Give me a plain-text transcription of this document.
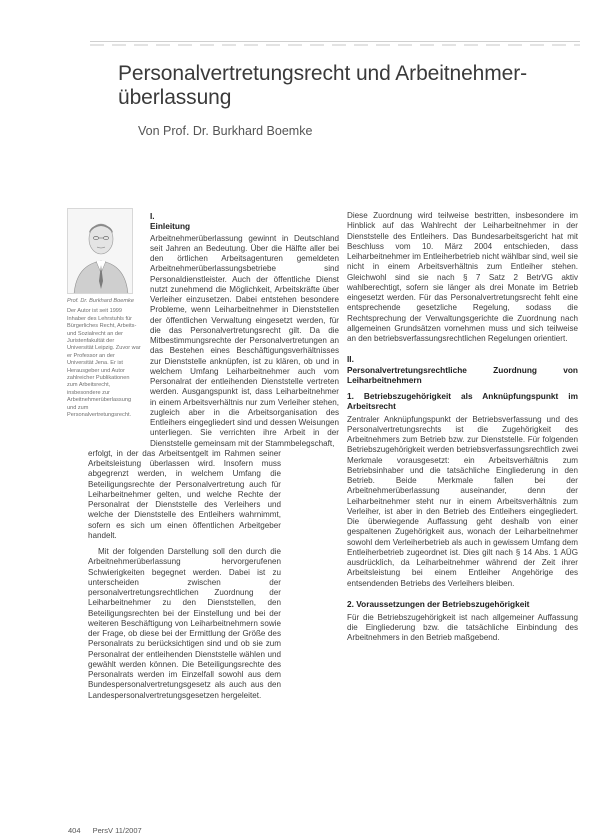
Personalvertretungsrecht und Arbeitnehmer-überlassung
Von Prof. Dr. Burkhard Boemke
Prof. Dr. Burkhard Boemke
Der Autor ist seit 1999 Inhaber des Lehrstuhls für Bürgerliches Recht, Arbeits- und Sozialrecht an der Juristenfakultät der Universität Leipzig. Zuvor war er Professor an der Universität Jena. Er ist Herausgeber und Autor zahlreicher Publikationen zum Arbeitsrecht, insbesondere zur Arbeitnehmerüberlassung und zum Personalvertretungsrecht.
I.
Einleitung

Arbeitnehmerüberlassung gewinnt in Deutschland seit Jahren an Bedeutung. Über die Hälfte aller bei den örtlichen Arbeitsagenturen gemeldeten Arbeitnehmerüberlassungsbetriebe sind Personaldienstleister. Auch der öffentliche Dienst nutzt zunehmend die Möglichkeit, Arbeitskräfte über Verleiher einzusetzen. Dabei entstehen besondere Probleme, wenn Leiharbeitnehmer in Dienststellen der öffentlichen Verwaltung eingesetzt werden, für die das Personalvertretungsrecht gilt. Da die Mitbestimmungsrechte der Personalvertretungen an das Bestehen eines Beschäftigungsverhältnisses zur Dienststelle anknüpfen, ist zu klären, ob und in welchem Umfang Leiharbeitnehmer auch vom Personalrat der entleihenden Dienststelle vertreten werden. Ausgangspunkt ist, dass Leiharbeitnehmer in einem Arbeitsverhältnis nur zum Verleiher stehen, zugleich aber in die Arbeitsorganisation des Entleihers eingegliedert sind und dessen Weisungen unterliegen. Sie verrichten ihre Arbeit in der Dienststelle gemeinsam mit der Stammbelegschaft,

erfolgt, in der das Arbeitsentgelt im Rahmen seiner Arbeitsleistung überlassen wird. Insofern muss abgegrenzt werden, in welchem Umfang die Beteiligungsrechte der Personalvertretung auch für Leiharbeitnehmer gelten, und welche Rechte der Personalrat der Dienststelle des Verleihers und welche der Dienststelle des Entleihers wahrnimmt, sofern es sich um einen öffentlichen Arbeitgeber handelt.

Mit der folgenden Darstellung soll den durch die Arbeitnehmerüberlassung hervorgerufenen Schwierigkeiten begegnet werden. Dabei ist zu unterscheiden zwischen der personalvertretungsrechtlichen Zuordnung der Leiharbeitnehmer zu den Dienststellen, den Beteiligungsrechten bei der Einstellung und bei der weiteren Beschäftigung von Leiharbeitnehmern sowie der Frage, ob diese bei der Ermittlung der Größe des Personalrats zu berücksichtigen sind und ob sie zum Personalrat der entleihenden Dienststelle wählen und gewählt werden können. Die Beteiligungsrechte des Personalrats werden im Einzelfall sowohl aus dem Bundespersonalvertretungsgesetz als auch aus den Landespersonalvertretungsgesetzen hergeleitet.

Diese Zuordnung wird teilweise bestritten, insbesondere im Hinblick auf das Wahlrecht der Leiharbeitnehmer in der Dienststelle des Entleihers. Das Bundesarbeitsgericht hat mit Beschluss vom 10. März 2004 entschieden, dass Leiharbeitnehmer im Entleiherbetrieb nicht wählbar sind, weil sie nicht in einem Arbeitsverhältnis zum Entleiher stehen. Gleichwohl sind sie nach § 7 Satz 2 BetrVG aktiv wahlberechtigt, sofern sie länger als drei Monate im Betrieb eingesetzt werden. Für das Personalvertretungsrecht fehlt eine entsprechende gesetzliche Regelung, sodass die Rechtsprechung der Verwaltungsgerichte die Zuordnung nach allgemeinen Grundsätzen vornehmen muss und sich teilweise an den betriebsverfassungsrechtlichen Regelungen orientiert.

II.
Personalvertretungsrechtliche Zuordnung von Leiharbeitnehmern
1. Betriebszugehörigkeit als Anknüpfungspunkt im Arbeitsrecht

Zentraler Anknüpfungspunkt der Betriebsverfassung und des Personalvertretungsrechts ist die Zugehörigkeit des Arbeitnehmers zum Betrieb bzw. zur Dienststelle. Für folgenden Betriebszugehörigkeit werden betriebsverfassungsrechtlich zwei Merkmale vorausgesetzt: ein Arbeitsverhältnis zum Betriebsinhaber und die tatsächliche Eingliederung in den Betrieb. Beide Merkmale fallen bei der Arbeitnehmerüberlassung auseinander, denn der Leiharbeitnehmer steht nur in einem Arbeitsverhältnis zum Verleiher, ist aber in den Betrieb des Entleihers eingegliedert. Die überwiegende Auffassung geht deshalb von einer gespaltenen Zugehörigkeit aus, wonach der Leiharbeitnehmer sowohl dem Verleiherbetrieb als auch in gewissem Umfang dem Entleiherbetrieb zugeordnet ist. Dies gilt nach § 14 Abs. 1 AÜG ausdrücklich, da Leiharbeitnehmer während der Zeit ihrer Arbeitsleistung bei einem Entleiher Angehörige des entsendenden Betriebs des Verleihers bleiben.

2. Voraussetzungen der Betriebszugehörigkeit

Für die Betriebszugehörigkeit ist nach allgemeiner Auffassung die Eingliederung bzw. die tatsächliche Einbindung des Arbeitnehmers in den Betrieb maßgebend.

404 PersV 11/2007
